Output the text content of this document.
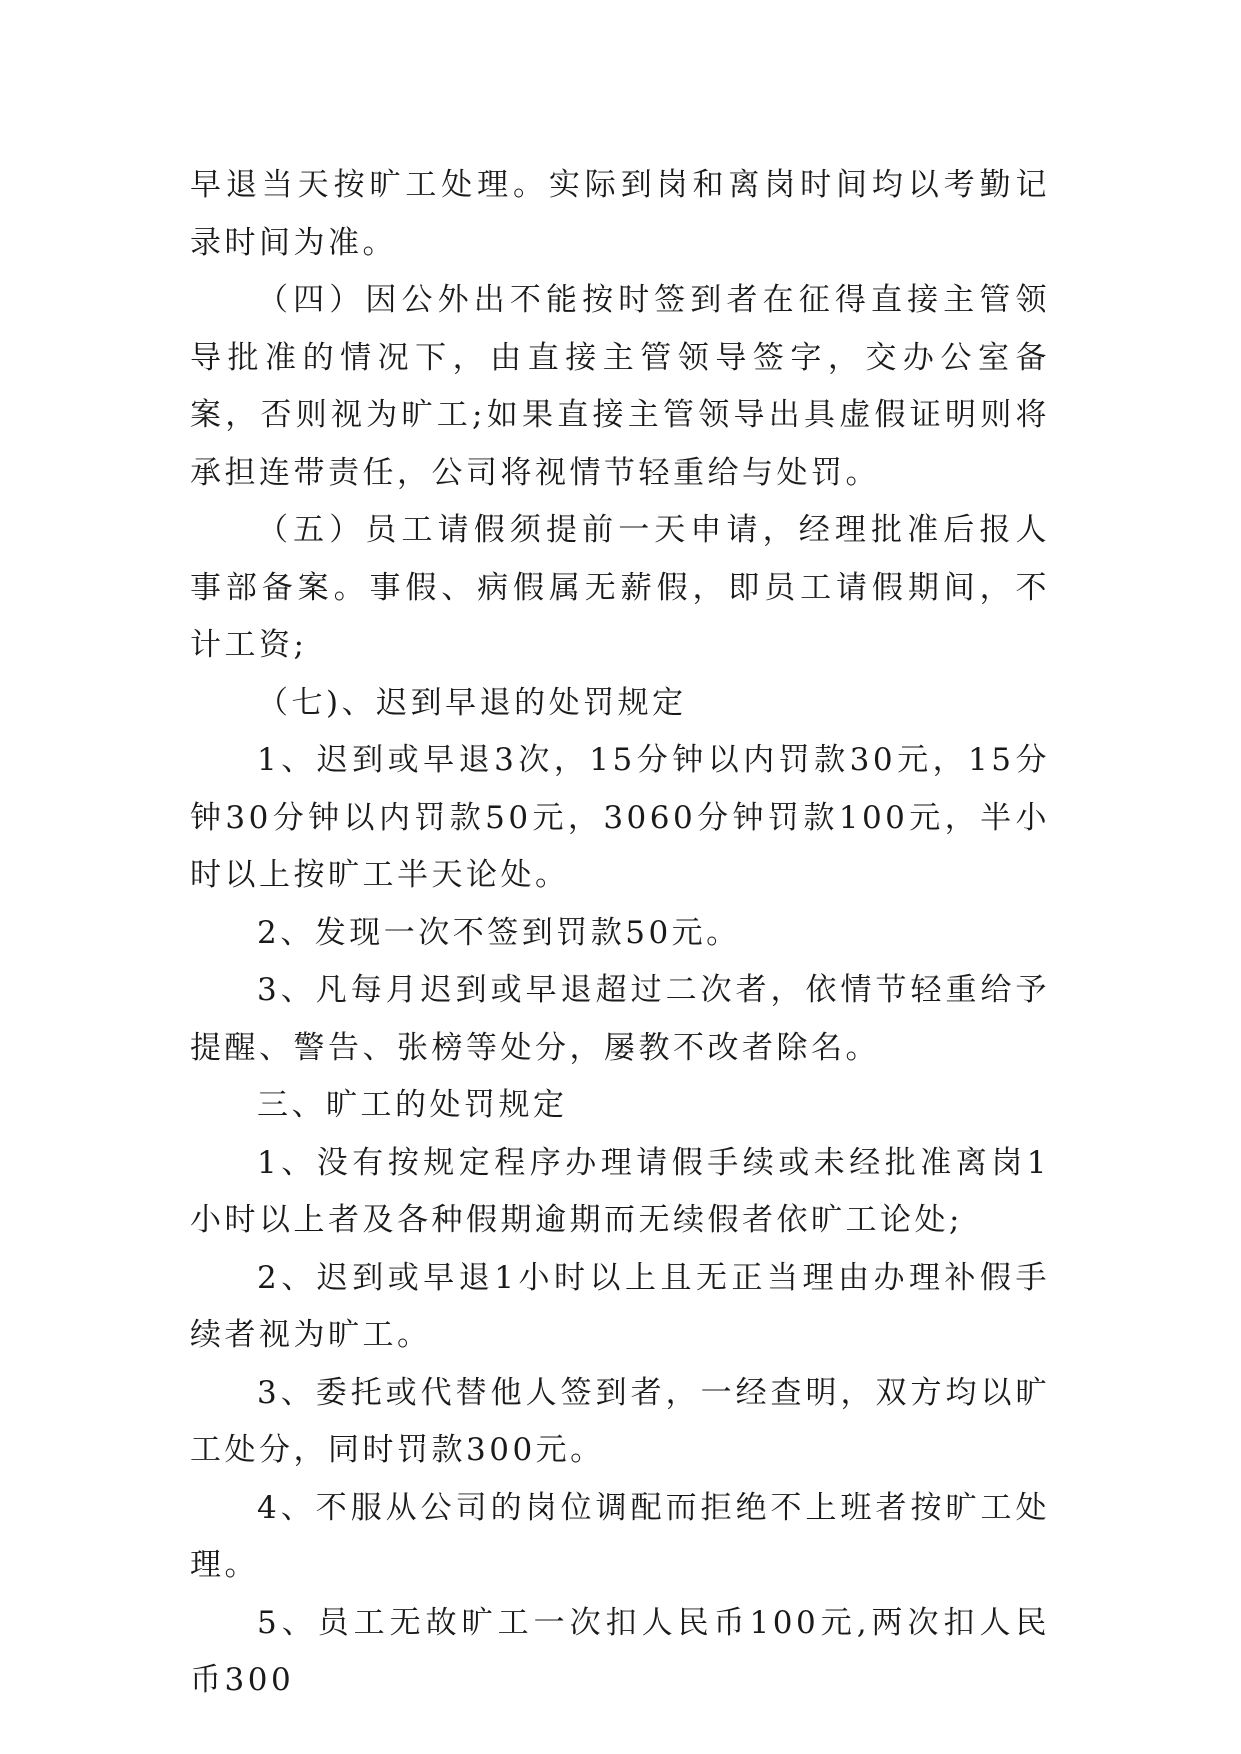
早退当天按旷工处理。实际到岗和离岗时间均以考勤记录时间为准。

（四）因公外出不能按时签到者在征得直接主管领导批准的情况下，由直接主管领导签字，交办公室备案，否则视为旷工;如果直接主管领导出具虚假证明则将承担连带责任，公司将视情节轻重给与处罚。

（五）员工请假须提前一天申请，经理批准后报人事部备案。事假、病假属无薪假，即员工请假期间，不计工资;

（七)、迟到早退的处罚规定

1、迟到或早退3次，15分钟以内罚款30元，15分钟30分钟以内罚款50元，3060分钟罚款100元，半小时以上按旷工半天论处。

2、发现一次不签到罚款50元。

3、凡每月迟到或早退超过二次者，依情节轻重给予提醒、警告、张榜等处分，屡教不改者除名。

三、旷工的处罚规定

1、没有按规定程序办理请假手续或未经批准离岗1小时以上者及各种假期逾期而无续假者依旷工论处;

2、迟到或早退1小时以上且无正当理由办理补假手续者视为旷工。

3、委托或代替他人签到者，一经查明，双方均以旷工处分，同时罚款300元。

4、不服从公司的岗位调配而拒绝不上班者按旷工处理。

5、员工无故旷工一次扣人民币100元,两次扣人民币300
